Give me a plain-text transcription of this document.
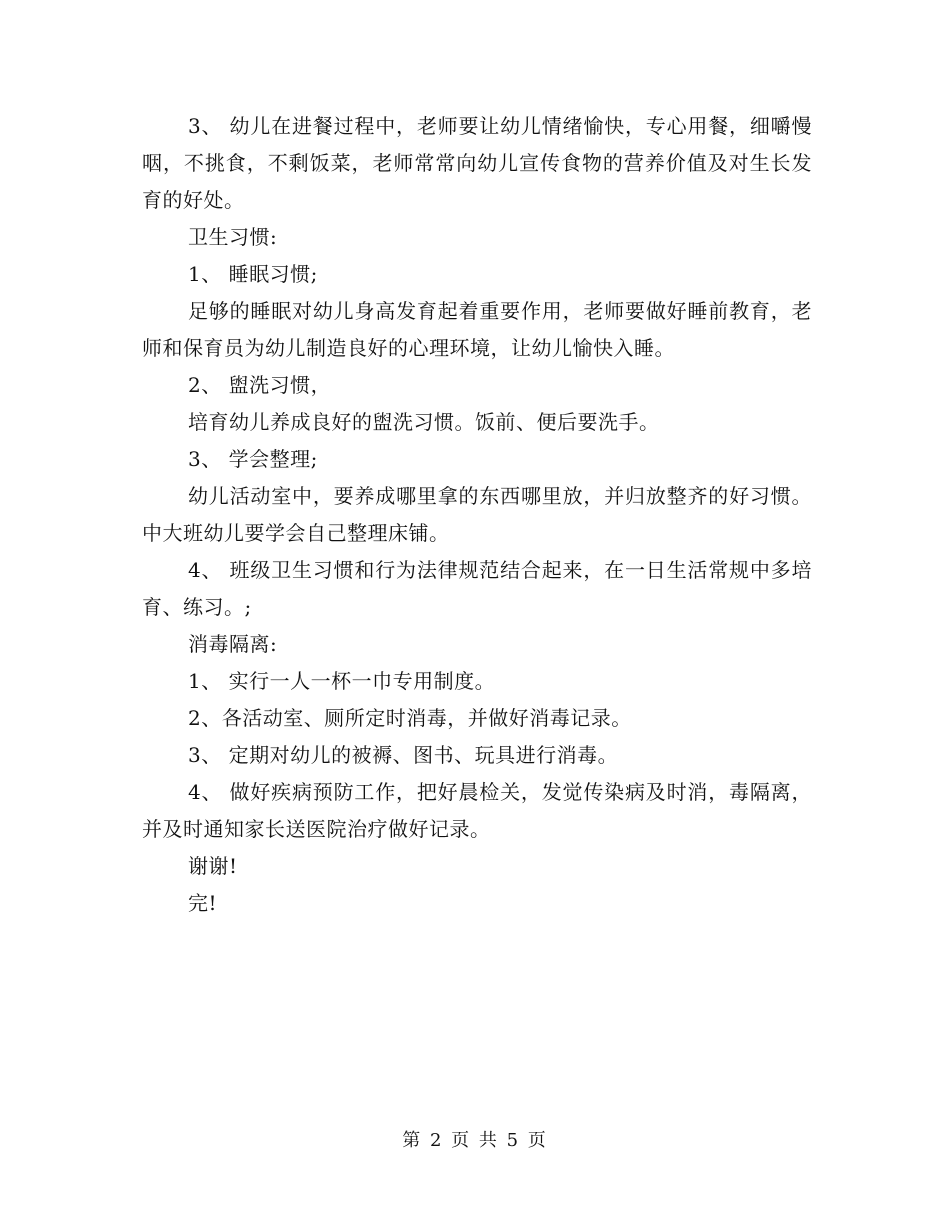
3、 幼儿在进餐过程中，老师要让幼儿情绪愉快，专心用餐，细嚼慢咽，不挑食，不剩饭菜，老师常常向幼儿宣传食物的营养价值及对生长发育的好处。

卫生习惯:

1、 睡眠习惯;

足够的睡眠对幼儿身高发育起着重要作用，老师要做好睡前教育，老师和保育员为幼儿制造良好的心理环境，让幼儿愉快入睡。

2、 盥洗习惯，

培育幼儿养成良好的盥洗习惯。饭前、便后要洗手。

3、 学会整理;

幼儿活动室中，要养成哪里拿的东西哪里放，并归放整齐的好习惯。中大班幼儿要学会自己整理床铺。

4、 班级卫生习惯和行为法律规范结合起来，在一日生活常规中多培育、练习。;

消毒隔离:

1、 实行一人一杯一巾专用制度。

2、各活动室、厕所定时消毒，并做好消毒记录。

3、 定期对幼儿的被褥、图书、玩具进行消毒。

4、 做好疾病预防工作，把好晨检关，发觉传染病及时消，毒隔离，并及时通知家长送医院治疗做好记录。

谢谢!

完!

第 2 页 共 5 页
